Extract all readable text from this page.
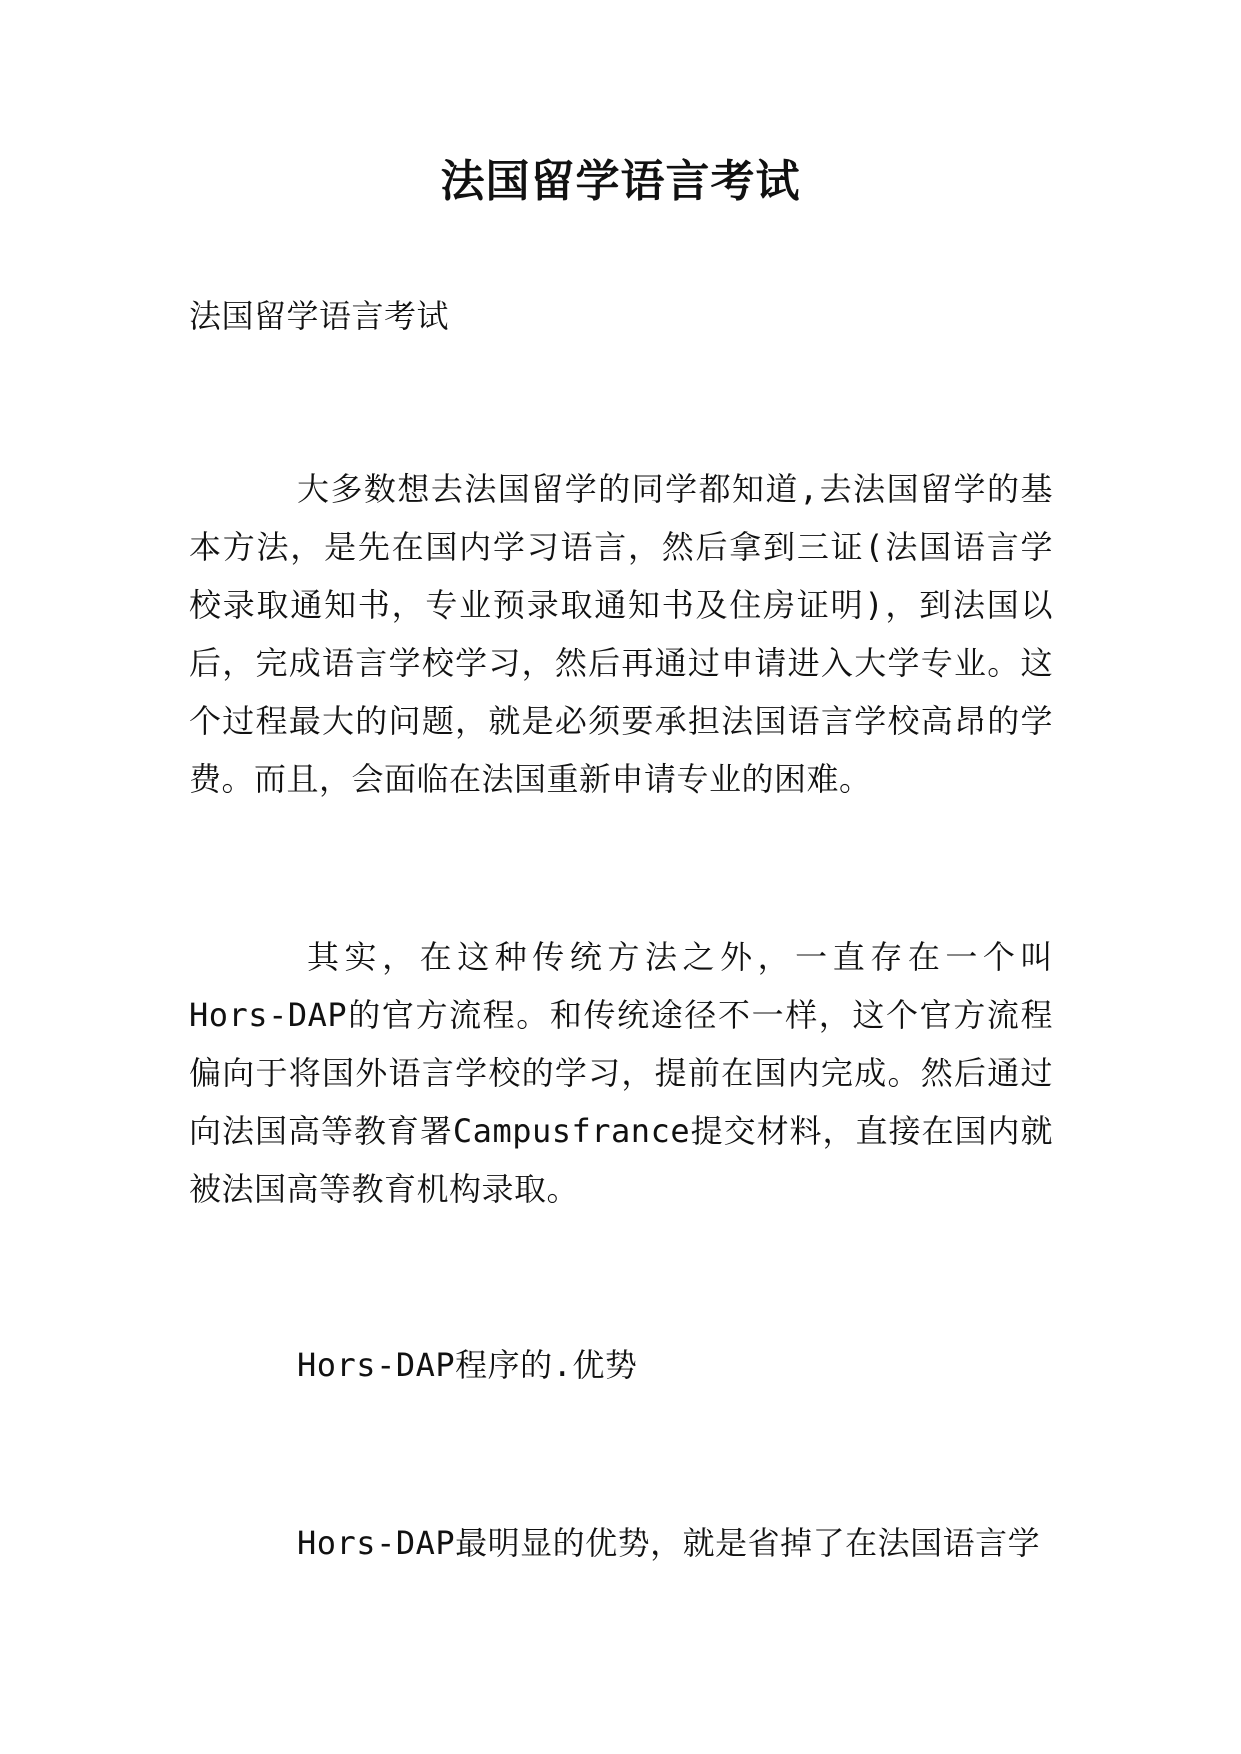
法国留学语言考试
法国留学语言考试
大多数想去法国留学的同学都知道,去法国留学的基本方法，是先在国内学习语言，然后拿到三证(法国语言学校录取通知书，专业预录取通知书及住房证明)，到法国以后，完成语言学校学习，然后再通过申请进入大学专业。这个过程最大的问题，就是必须要承担法国语言学校高昂的学费。而且，会面临在法国重新申请专业的困难。
其实，在这种传统方法之外，一直存在一个叫Hors-DAP的官方流程。和传统途径不一样，这个官方流程偏向于将国外语言学校的学习，提前在国内完成。然后通过向法国高等教育署Campusfrance提交材料，直接在国内就被法国高等教育机构录取。
Hors-DAP程序的.优势
Hors-DAP最明显的优势，就是省掉了在法国语言学
